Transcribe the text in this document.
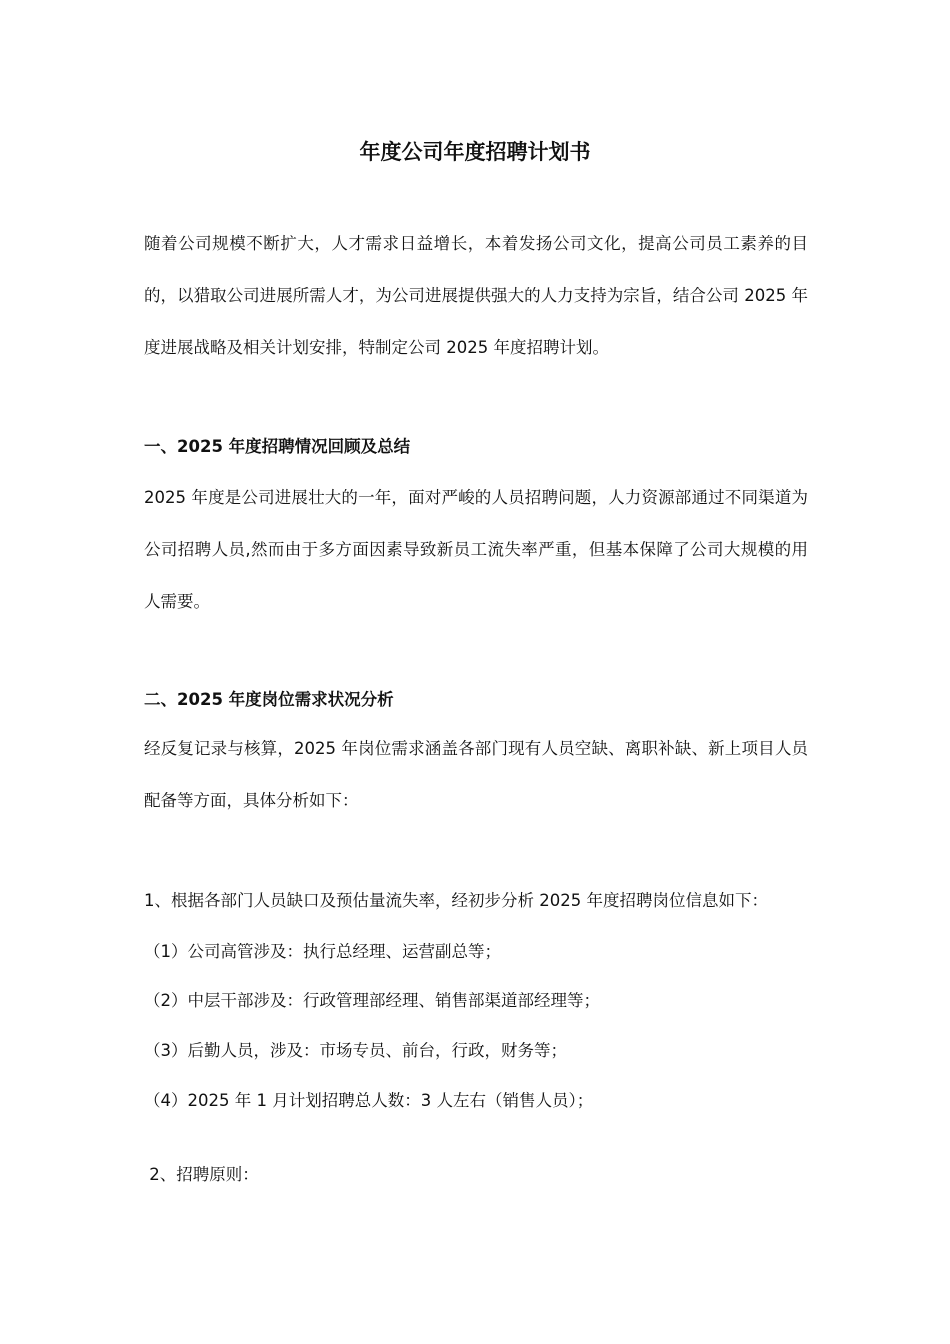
年度公司年度招聘计划书

随着公司规模不断扩大，人才需求日益增长，本着发扬公司文化，提高公司员工素养的目的，以猎取公司进展所需人才，为公司进展提供强大的人力支持为宗旨，结合公司 2025 年度进展战略及相关计划安排，特制定公司 2025 年度招聘计划。

一、2025 年度招聘情况回顾及总结

2025 年度是公司进展壮大的一年，面对严峻的人员招聘问题，人力资源部通过不同渠道为公司招聘人员,然而由于多方面因素导致新员工流失率严重，但基本保障了公司大规模的用人需要。

二、2025 年度岗位需求状况分析

经反复记录与核算，2025 年岗位需求涵盖各部门现有人员空缺、离职补缺、新上项目人员配备等方面，具体分析如下：

1、根据各部门人员缺口及预估量流失率，经初步分析 2025 年度招聘岗位信息如下：

（1）公司高管涉及：执行总经理、运营副总等；

（2）中层干部涉及：行政管理部经理、销售部渠道部经理等；

（3）后勤人员，涉及：市场专员、前台，行政，财务等；

（4）2025 年 1 月计划招聘总人数：3 人左右（销售人员）；

2、招聘原则：
